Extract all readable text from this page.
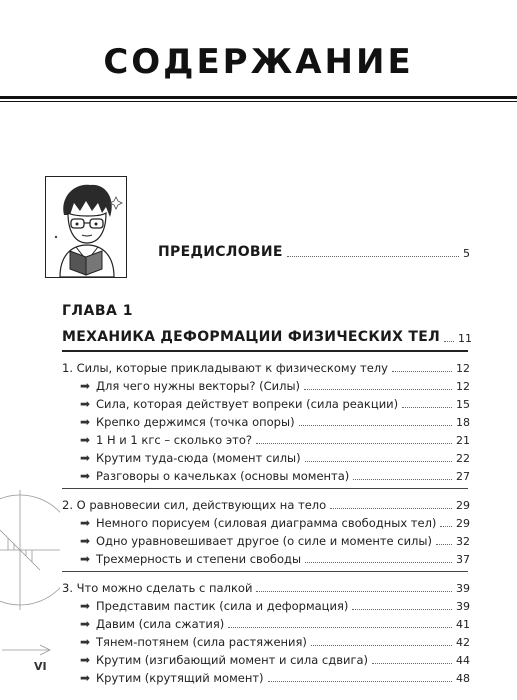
СОДЕРЖАНИЕ
ПРЕДИСЛОВИЕ	5
ГЛАВА 1
МЕХАНИКА ДЕФОРМАЦИИ ФИЗИЧЕСКИХ ТЕЛ 11
1. Силы, которые прикладывают к физическому телу	12
➡ Для чего нужны векторы? (Силы)	12
➡ Сила, которая действует вопреки (сила реакции)	15
➡ Крепко держимся (точка опоры)	18
➡ 1 Н и 1 кгс – сколько это?	21
➡ Крутим туда-сюда (момент силы)	22
➡ Разговоры о качельках (основы момента)	27
2. О равновесии сил, действующих на тело	29
➡ Немного порисуем (силовая диаграмма свободных тел) 29
➡ Одно уравновешивает другое (о силе и моменте силы) 32
➡ Трехмерность и степени свободы	37
3. Что можно сделать с палкой	39
➡ Представим пастик (сила и деформация)	39
➡ Давим (сила сжатия)	41
➡ Тянем-потянем (сила растяжения)	42
➡ Крутим (изгибающий момент и сила сдвига)	44
➡ Крутим (крутящий момент)	48
VI
